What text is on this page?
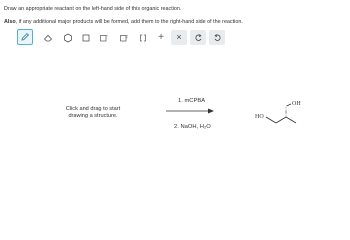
Draw an appropriate reactant on the left-hand side of this organic reaction.
Also, if any additional major products will be formed, add them to the right-hand side of the reaction.
+	:: + ×
Click and drag to start
drawing a structure.
1. mCPBA
2. NaOH, H₂O
OH
HO
